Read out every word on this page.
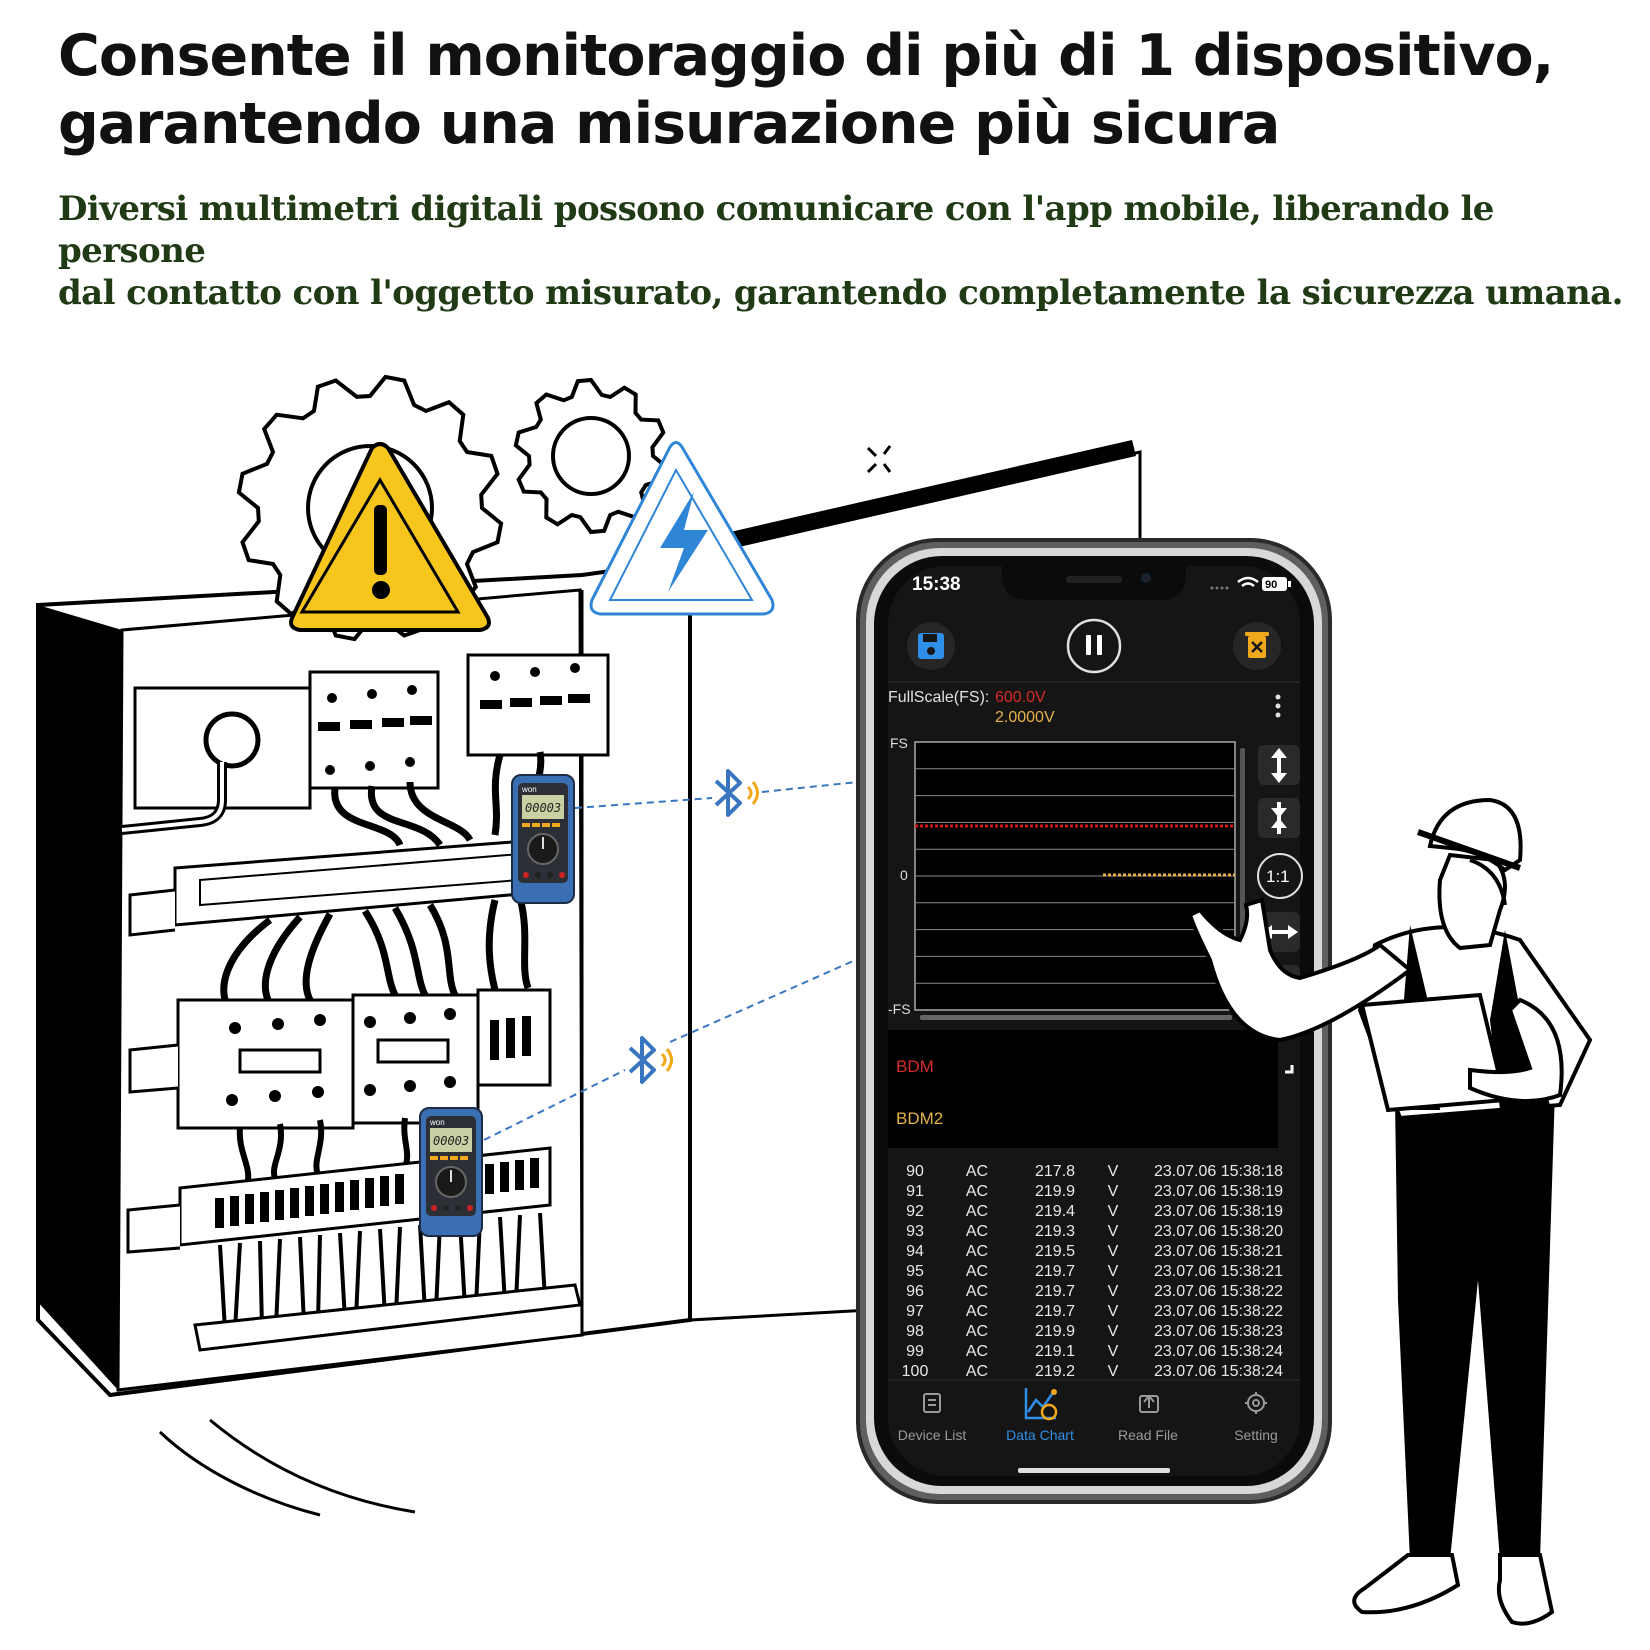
Consente il monitoraggio di più di 1 dispositivo,
garantendo una misurazione più sicura

Diversi multimetri digitali possono comunicare con l'app mobile, liberando le persone
dal contatto con l'oggetto misurato, garantendo completamente la sicurezza umana.

won
00003
won
00003
15:38	90
FullScale(FS): 600.0V
2.0000V
FS
0
-FS
1:1
BDM
BDM2
90	AC	217.8 V 23.07.06 15:38:18
91	AC	219.9 V 23.07.06 15:38:19
92	AC	219.4 V 23.07.06 15:38:19
93	AC	219.3 V 23.07.06 15:38:20
94	AC	219.5 V 23.07.06 15:38:21
95	AC	219.7 V 23.07.06 15:38:21
96	AC	219.7 V 23.07.06 15:38:22
97	AC	219.7 V 23.07.06 15:38:22
98	AC	219.9 V 23.07.06 15:38:23
99	AC	219.1 V 23.07.06 15:38:24
100 AC	219.2 V 23.07.06 15:38:24
Device List	Data Chart	Read File	Setting
